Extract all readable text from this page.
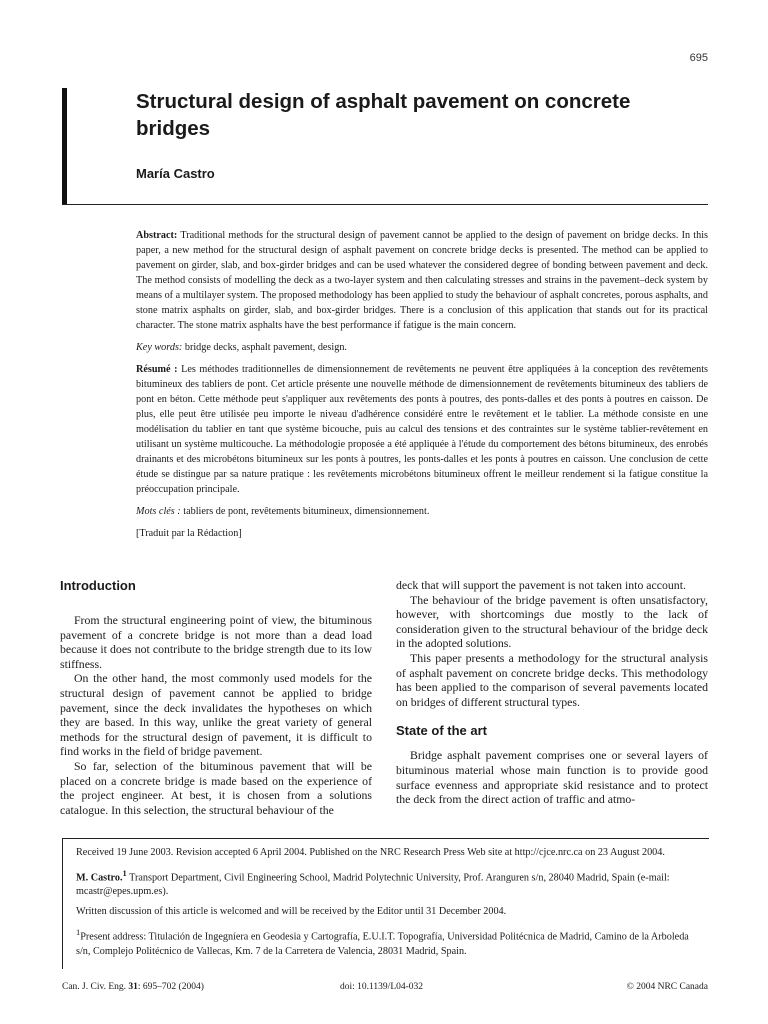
695
Structural design of asphalt pavement on concrete bridges
María Castro

Abstract: Traditional methods for the structural design of pavement cannot be applied to the design of pavement on bridge decks. In this paper, a new method for the structural design of asphalt pavement on concrete bridge decks is presented. The method can be applied to pavement on girder, slab, and box-girder bridges and can be used whatever the considered degree of bonding between pavement and deck. The method consists of modelling the deck as a two-layer system and then calculating stresses and strains in the pavement–deck system by means of a multilayer system. The proposed methodology has been applied to study the behaviour of asphalt concretes, porous asphalts, and stone matrix asphalts on girder, slab, and box-girder bridges. There is a conclusion of this application that stands out for its practical character. The stone matrix asphalts have the best performance if fatigue is the main concern.

Key words: bridge decks, asphalt pavement, design.

Résumé : Les méthodes traditionnelles de dimensionnement de revêtements ne peuvent être appliquées à la conception des revêtements bitumineux des tabliers de pont. Cet article présente une nouvelle méthode de dimensionnement de revêtements bitumineux des tabliers de pont en béton. Cette méthode peut s'appliquer aux revêtements des ponts à poutres, des ponts-dalles et des ponts à poutres en caisson. De plus, elle peut être utilisée peu importe le niveau d'adhérence considéré entre le revêtement et le tablier. La méthode consiste en une modélisation du tablier en tant que système bicouche, puis au calcul des tensions et des contraintes sur le système tablier-revêtement en utilisant un système multicouche. La méthodologie proposée a été appliquée à l'étude du comportement des bétons bitumineux, des enrobés drainants et des microbétons bitumineux sur les ponts à poutres, les ponts-dalles et les ponts à poutres en caisson. Une conclusion de cette étude se distingue par sa nature pratique : les revêtements microbétons bitumineux offrent le meilleur rendement si la fatigue constitue la préoccupation principale.

Mots clés : tabliers de pont, revêtements bitumineux, dimensionnement.

[Traduit par la Rédaction]

Introduction

From the structural engineering point of view, the bituminous pavement of a concrete bridge is not more than a dead load because it does not contribute to the bridge strength due to its low stiffness.

On the other hand, the most commonly used models for the structural design of pavement cannot be applied to bridge pavement, since the deck invalidates the hypotheses on which they are based. In this way, unlike the great variety of general methods for the structural design of pavement, it is difficult to find works in the field of bridge pavement.

So far, selection of the bituminous pavement that will be placed on a concrete bridge is made based on the experience of the project engineer. At best, it is chosen from a solutions catalogue. In this selection, the structural behaviour of the

deck that will support the pavement is not taken into account.

The behaviour of the bridge pavement is often unsatisfactory, however, with shortcomings due mostly to the lack of consideration given to the structural behaviour of the bridge deck in the adopted solutions.

This paper presents a methodology for the structural analysis of asphalt pavement on concrete bridge decks. This methodology has been applied to the comparison of several pavements located on bridges of different structural types.

State of the art

Bridge asphalt pavement comprises one or several layers of bituminous material whose main function is to provide good surface evenness and appropriate skid resistance and to protect the deck from the direct action of traffic and atmo-

Received 19 June 2003. Revision accepted 6 April 2004. Published on the NRC Research Press Web site at http://cjce.nrc.ca on 23 August 2004.

M. Castro.$^1$ Transport Department, Civil Engineering School, Madrid Polytechnic University, Prof. Aranguren s/n, 28040 Madrid, Spain (e-mail: mcastr@epes.upm.es).

Written discussion of this article is welcomed and will be received by the Editor until 31 December 2004.

$^1$Present address: Titulación de Ingegníera en Geodesia y Cartografía, E.U.I.T. Topografía, Universidad Politécnica de Madrid, Camino de la Arboleda s/n, Complejo Politécnico de Vallecas, Km. 7 de la Carretera de Valencia, 28031 Madrid, Spain.

Can. J. Civ. Eng. 31: 695–702 (2004)	doi: 10.1139/L04-032	© 2004 NRC Canada
